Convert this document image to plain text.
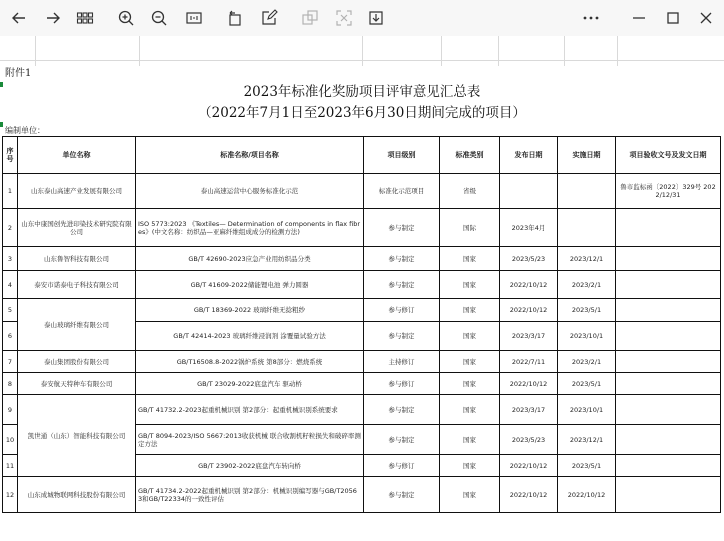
附件1
2023年标准化奖励项目评审意见汇总表
（2022年7月1日至2023年6月30日期间完成的项目）
编制单位：
序号	单位名称	标准名称/项目名称	项目级别	标准类别	发布日期	实施日期	项目验收文号及发文日期
1	山东泰山高速产业发展有限公司	泰山高速运营中心服务标准化示范	标准化示范项目	省级			鲁市监标函〔2022〕329号 2022/12/31
2	山东中康国创先进印染技术研究院有限公司	ISO 5773:2023 《Textiles— Determination of components in flax fibres》(中文名称：纺织品—亚麻纤维组成成分的检测方法)	参与制定	国际	2023年4月		
3	山东鲁智科技有限公司	GB/T 42690-2023应急产业用纺织品分类	参与制定	国家	2023/5/23	2023/12/1	
4	泰安市诺泰电子科技有限公司	GB/T 41609-2022储能锂电池 弹力圆器	参与制定	国家	2022/10/12	2023/2/1	
5	泰山玻璃纤维有限公司	GB/T 18369-2022 玻璃纤维无捻粗纱	参与修订	国家	2022/10/12	2023/5/1	
6		GB/T 42414-2023 玻璃纤维浸润剂 涂覆量试验方法	参与制定	国家	2023/3/17	2023/10/1	
7	泰山集团股份有限公司	GB/T16508.8-2022锅炉系统 第8部分：燃烧系统	主持修订	国家	2022/7/11	2023/2/1	
8	泰安航天特种车有限公司	GB/T 23029-2022底盘汽车 驱动桥	参与修订	国家	2022/10/12	2023/5/1	
9	凯世通（山东）智能科技有限公司	GB/T 41732.2-2023起重机械识别 第2部分：起重机械识别系统要求	参与制定	国家	2023/3/17	2023/10/1	
10		GB/T 8094-2023/ISO 5667:2013收获机械 联合收割机籽粒损失和破碎率测定方法	参与制定	国家	2023/5/23	2023/12/1	
11		GB/T 23902-2022底盘汽车转向桥	参与修订	国家	2022/10/12	2023/5/1	
12	山东成城物联网科技股份有限公司	GB/T 41734.2-2022起重机械识别 第2部分：机械识别编写器与GB/T20563和GB/T22334的一致性评估	参与制定	国家	2022/10/12	2022/10/12	
